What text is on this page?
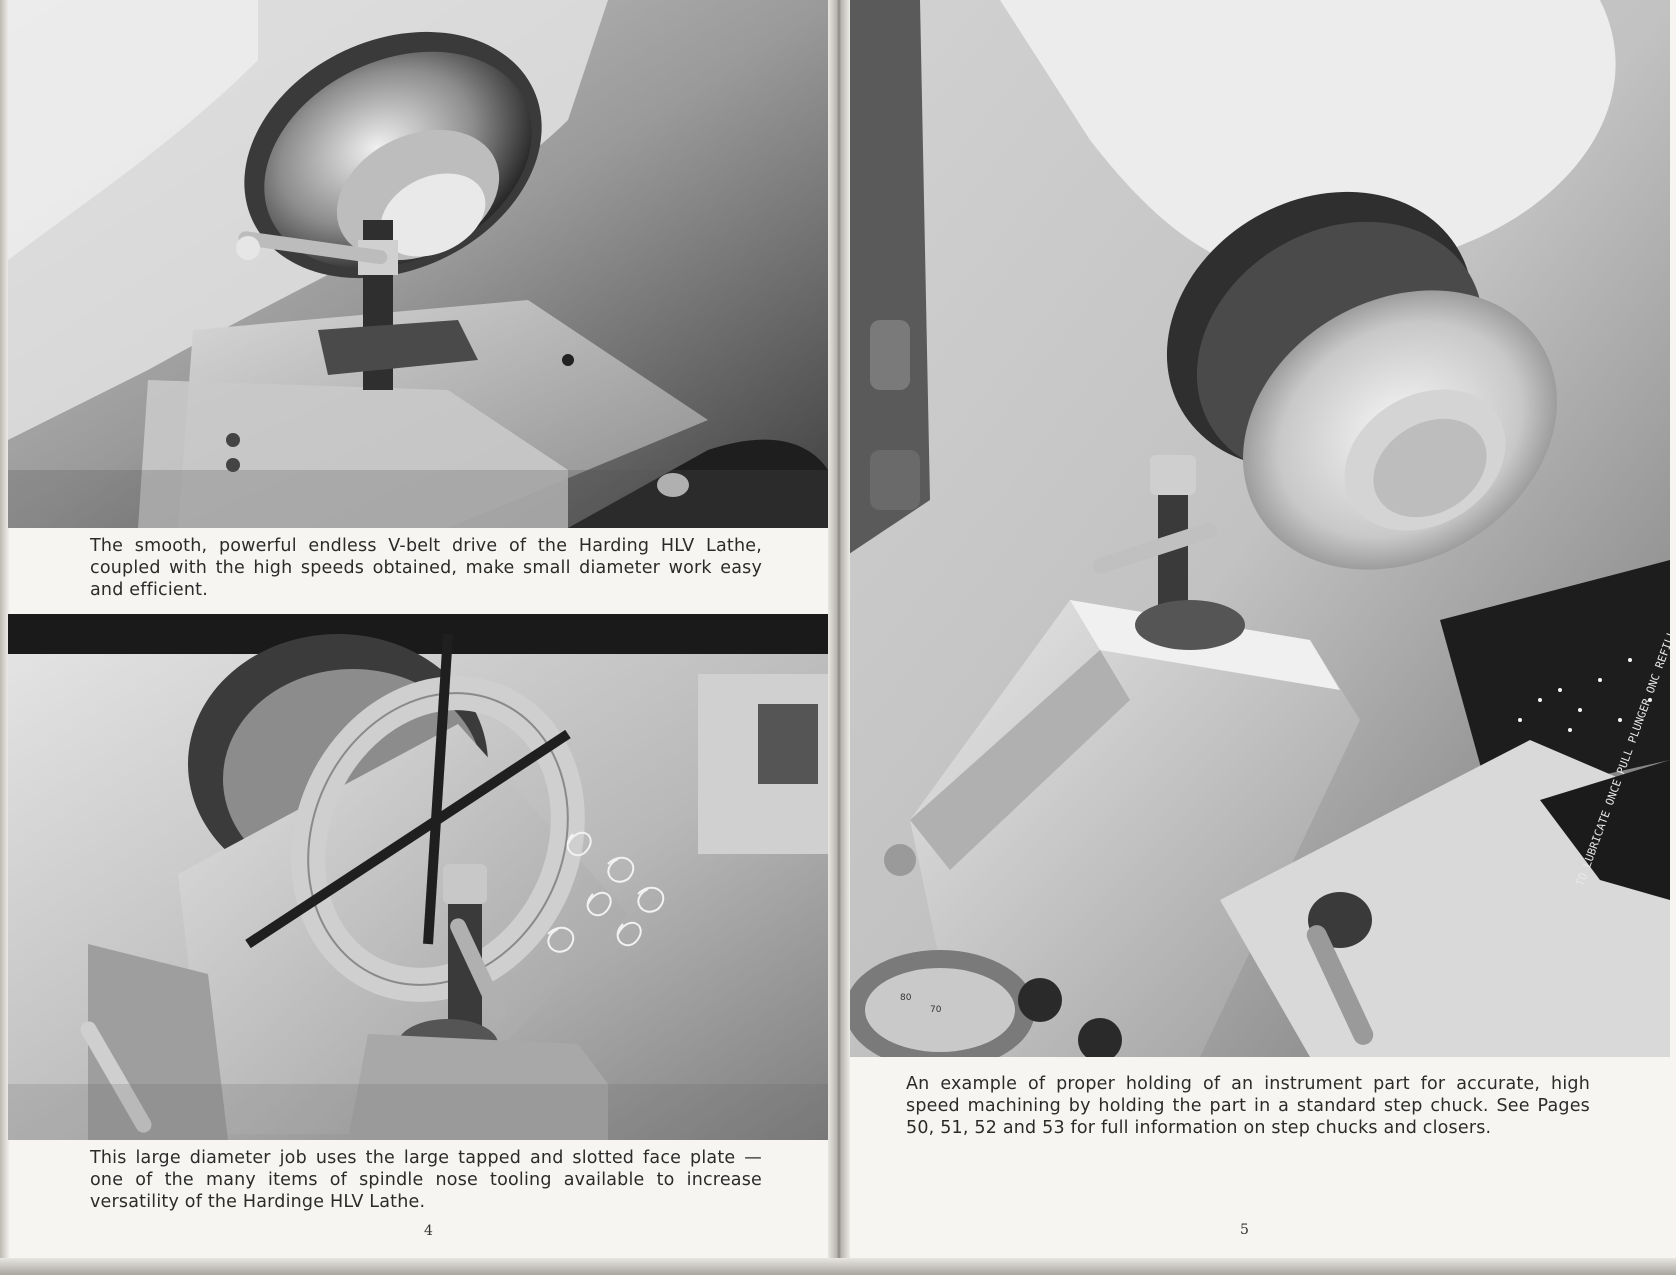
The smooth, powerful endless V-belt drive of the Harding HLV Lathe, coupled with the high speeds obtained, make small diameter work easy and efficient.

This large diameter job uses the large tapped and slotted face plate — one of the many items of spindle nose tooling available to increase versatility of the Hardinge HLV Lathe.

4
80
70

An example of proper holding of an instrument part for accurate, high speed machining by holding the part in a standard step chuck. See Pages 50, 51, 52 and 53 for full information on step chucks and closers.

5
